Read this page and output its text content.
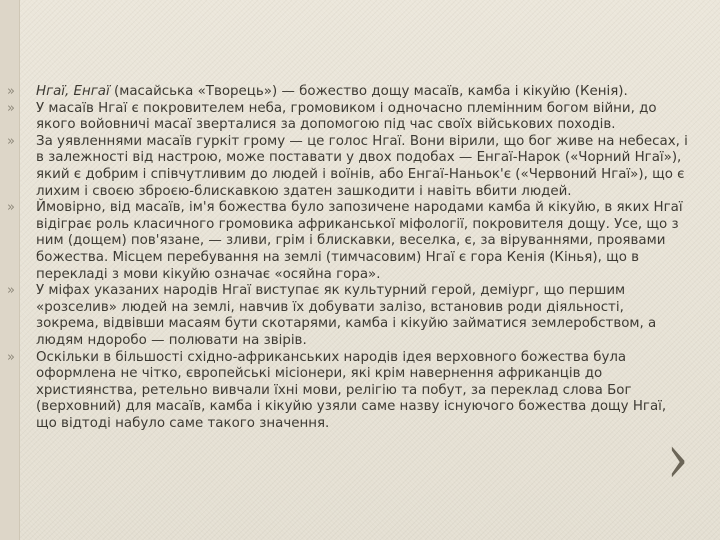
»	Нгаї, Енгаї (масайська «Творець») — божество дощу масаїв, камба і кікуйю (Кенія).
»	У масаїв Нгаї є покровителем неба, громовиком і одночасно племінним богом війни, до якого войовничі масаї зверталися за допомогою під час своїх військових походів.
»	За уявленнями масаїв гуркіт грому — це голос Нгаї. Вони вірили, що бог живе на небесах, і в залежності від настрою, може поставати у двох подобах — Енгаї-Нарок («Чорний Нгаї»), який є добрим і співчутливим до людей і воїнів, або Енгаї-Наньок'є («Червоний Нгаї»), що є лихим і своєю зброєю-блискавкою здатен зашкодити і навіть вбити людей.
»	Ймовірно, від масаїв, ім'я божества було запозичене народами камба й кікуйю, в яких Нгаї відіграє роль класичного громовика африканської міфології, покровителя дощу. Усе, що з ним (дощем) пов'язане, — зливи, грім і блискавки, веселка, є, за віруваннями, проявами божества. Місцем перебування на землі (тимчасовим) Нгаї є гора Кенія (Кінья), що в перекладі з мови кікуйю означає «осяйна гора».
»	У міфах указаних народів Нгаї виступає як культурний герой, деміург, що першим «розселив» людей на землі, навчив їх добувати залізо, встановив роди діяльності, зокрема, відвівши масаям бути скотарями, камба і кікуйю займатися землеробством, а людям ндоробо — полювати на звірів.
»	Оскільки в більшості східно-африканських народів ідея верховного божества була оформлена не чітко, європейські місіонери, які крім навернення африканців до християнства, ретельно вивчали їхні мови, релігію та побут, за переклад слова Бог (верховний) для масаїв, камба і кікуйю узяли саме назву існуючого божества дощу Нгаї, що відтоді набуло саме такого значення.	›
